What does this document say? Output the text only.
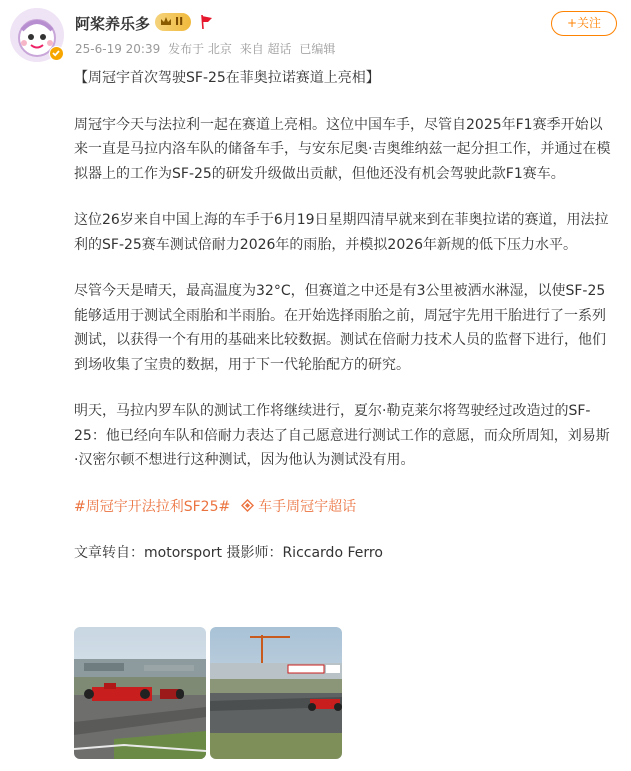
阿桨养乐多 II
25-6-19 20:39 发布于 北京 来自 超话 已编辑
+关注

【周冠宇首次驾驶SF-25在菲奥拉诺赛道上亮相】

周冠宇今天与法拉利一起在赛道上亮相。这位中国车手，尽管自2025年F1赛季开始以来一直是马拉内洛车队的储备车手，与安东尼奥·吉奥维纳兹一起分担工作，并通过在模拟器上的工作为SF-25的研发升级做出贡献，但他还没有机会驾驶此款F1赛车。

这位26岁来自中国上海的车手于6月19日星期四清早就来到在菲奥拉诺的赛道，用法拉利的SF-25赛车测试倍耐力2026年的雨胎，并模拟2026年新规的低下压力水平。

尽管今天是晴天，最高温度为32°C，但赛道之中还是有3公里被洒水淋湿，以使SF-25能够适用于测试全雨胎和半雨胎。在开始选择雨胎之前，周冠宇先用干胎进行了一系列测试，以获得一个有用的基础来比较数据。测试在倍耐力技术人员的监督下进行，他们到场收集了宝贵的数据，用于下一代轮胎配方的研究。

明天，马拉内罗车队的测试工作将继续进行，夏尔·勒克莱尔将驾驶经过改造过的SF-25：他已经向车队和倍耐力表达了自己愿意进行测试工作的意愿，而众所周知，刘易斯·汉密尔顿不想进行这种测试，因为他认为测试没有用。

#周冠宇开法拉利SF25# 车手周冠宇超话

文章转自：motorsport 摄影师：Riccardo Ferro
